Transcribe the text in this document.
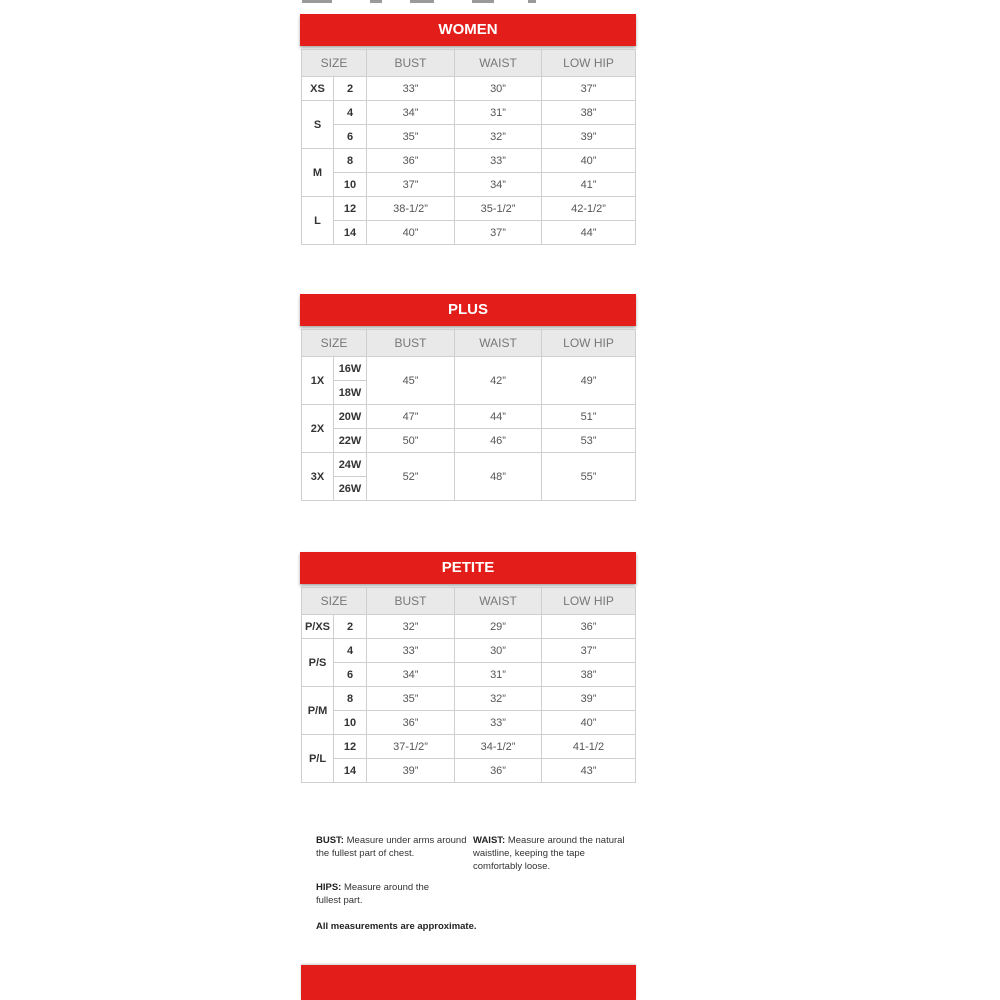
WOMEN
SIZE		BUST	WAIST	LOW HIP
XS	2	33”	30”	37”
S	4	34”	31”	38”
	6	35”	32”	39”
M	8	36”	33”	40”
	10	37”	34”	41”
L	12	38-1/2”	35-1/2”	42-1/2”
	14	40”	37”	44”
PLUS
SIZE		BUST	WAIST	LOW HIP
1X	16W	45”	42”	49”
	18W			
2X	20W	47”	44”	51”
	22W	50”	46”	53”
3X	24W	52”	48”	55”
	26W			
PETITE
SIZE		BUST	WAIST	LOW HIP
P/XS	2	32”	29”	36”
P/S	4	33”	30”	37”
	6	34”	31”	38”
P/M	8	35”	32”	39”
	10	36”	33”	40”
P/L	12	37-1/2”	34-1/2”	41-1/2
	14	39”	36”	43”
BUST: Measure under arms around the fullest part of chest.
WAIST: Measure around the natural waistline, keeping the tape comfortably loose.
HIPS: Measure around the fullest part.
All measurements are approximate.
